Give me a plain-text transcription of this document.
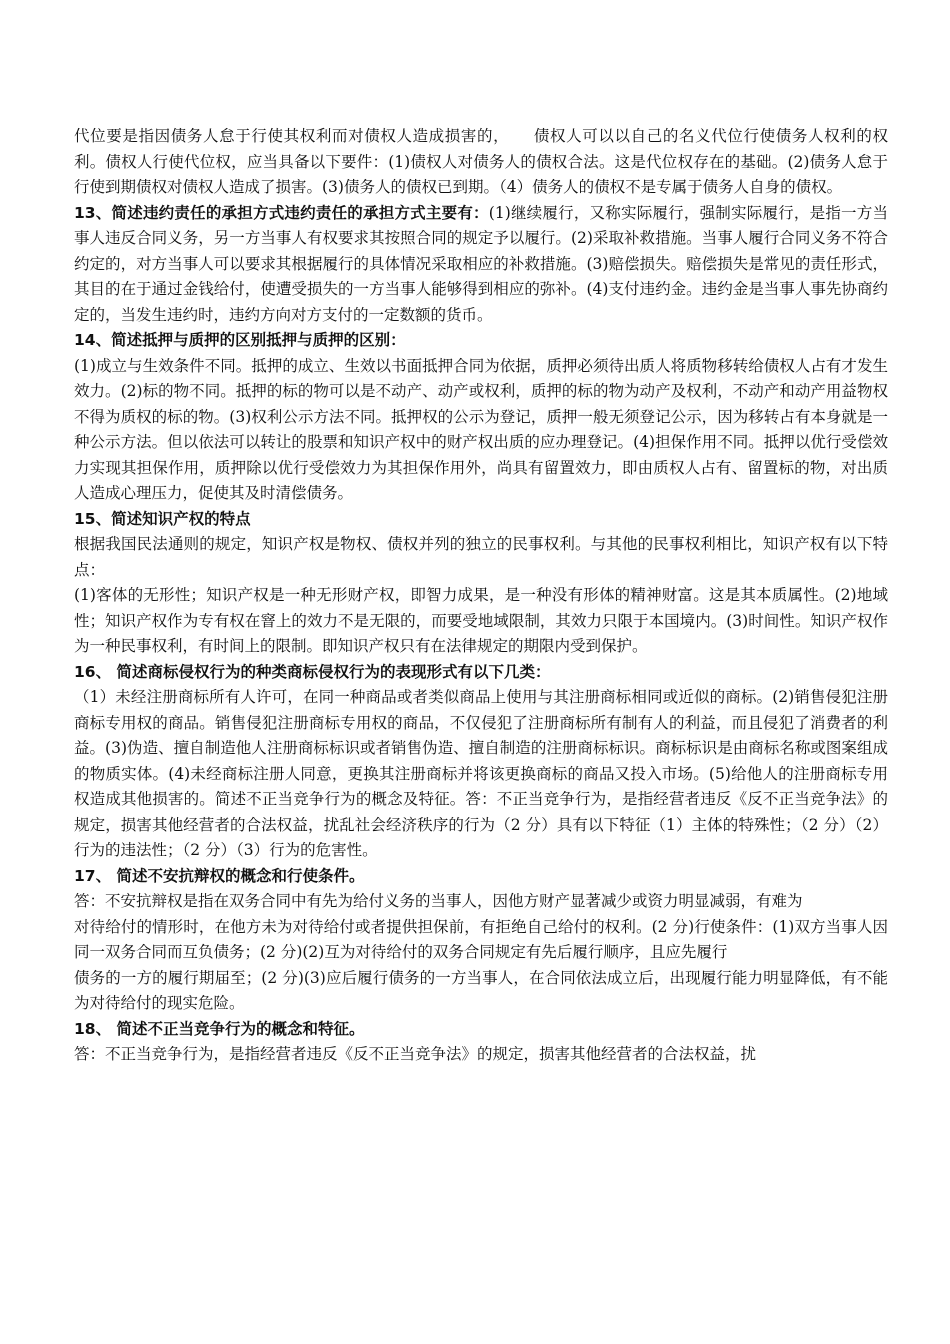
代位要是指因债务人怠于行使其权利而对债权人造成损害的， 债权人可以以自己的名义代位行使债务人权利的权利。债权人行使代位权，应当具备以下要件：(1)债权人对债务人的债权合法。这是代位权存在的基础。(2)债务人怠于行使到期债权对债权人造成了损害。(3)债务人的债权已到期。（4）债务人的债权不是专属于债务人自身的债权。

13、简述违约责任的承担方式违约责任的承担方式主要有：(1)继续履行，又称实际履行，强制实际履行，是指一方当事人违反合同义务，另一方当事人有权要求其按照合同的规定予以履行。(2)采取补救措施。当事人履行合同义务不符合约定的，对方当事人可以要求其根据履行的具体情况采取相应的补救措施。(3)赔偿损失。赔偿损失是常见的责任形式，其目的在于通过金钱给付，使遭受损失的一方当事人能够得到相应的弥补。(4)支付违约金。违约金是当事人事先协商约定的，当发生违约时，违约方向对方支付的一定数额的货币。

14、简述抵押与质押的区别抵押与质押的区别：

(1)成立与生效条件不同。抵押的成立、生效以书面抵押合同为依据，质押必须待出质人将质物移转给债权人占有才发生效力。(2)标的物不同。抵押的标的物可以是不动产、动产或权利，质押的标的物为动产及权利，不动产和动产用益物权不得为质权的标的物。(3)权利公示方法不同。抵押权的公示为登记，质押一般无须登记公示，因为移转占有本身就是一种公示方法。但以依法可以转让的股票和知识产权中的财产权出质的应办理登记。(4)担保作用不同。抵押以优行受偿效力实现其担保作用，质押除以优行受偿效力为其担保作用外，尚具有留置效力，即由质权人占有、留置标的物，对出质人造成心理压力，促使其及时清偿债务。

15、简述知识产权的特点

根据我国民法通则的规定，知识产权是物权、债权并列的独立的民事权利。与其他的民事权利相比，知识产权有以下特点：

(1)客体的无形性；知识产权是一种无形财产权，即智力成果，是一种没有形体的精神财富。这是其本质属性。(2)地域性；知识产权作为专有权在窨上的效力不是无限的，而要受地域限制，其效力只限于本国境内。(3)时间性。知识产权作为一种民事权利，有时间上的限制。即知识产权只有在法律规定的期限内受到保护。

16、 简述商标侵权行为的种类商标侵权行为的表现形式有以下几类：

（1）未经注册商标所有人许可，在同一种商品或者类似商品上使用与其注册商标相同或近似的商标。(2)销售侵犯注册商标专用权的商品。销售侵犯注册商标专用权的商品，不仅侵犯了注册商标所有制有人的利益，而且侵犯了消费者的利益。(3)伪造、擅自制造他人注册商标标识或者销售伪造、擅自制造的注册商标标识。商标标识是由商标名称或图案组成的物质实体。(4)未经商标注册人同意，更换其注册商标并将该更换商标的商品又投入市场。(5)给他人的注册商标专用权造成其他损害的。简述不正当竞争行为的概念及特征。答：不正当竞争行为，是指经营者违反《反不正当竞争法》的规定，损害其他经营者的合法权益，扰乱社会经济秩序的行为（2 分）具有以下特征（1）主体的特殊性；（2 分）（2）行为的违法性；（2 分）（3）行为的危害性。

17、 简述不安抗辩权的概念和行使条件。

答：不安抗辩权是指在双务合同中有先为给付义务的当事人，因他方财产显著减少或资力明显减弱，有难为

对待给付的情形时，在他方未为对待给付或者提供担保前，有拒绝自己给付的权利。(2 分)行使条件：(1)双方当事人因同一双务合同而互负债务；(2 分)(2)互为对待给付的双务合同规定有先后履行顺序，且应先履行

债务的一方的履行期届至；(2 分)(3)应后履行债务的一方当事人，在合同依法成立后，出现履行能力明显降低，有不能为对待给付的现实危险。

18、 简述不正当竞争行为的概念和特征。

答：不正当竞争行为，是指经营者违反《反不正当竞争法》的规定，损害其他经营者的合法权益，扰
